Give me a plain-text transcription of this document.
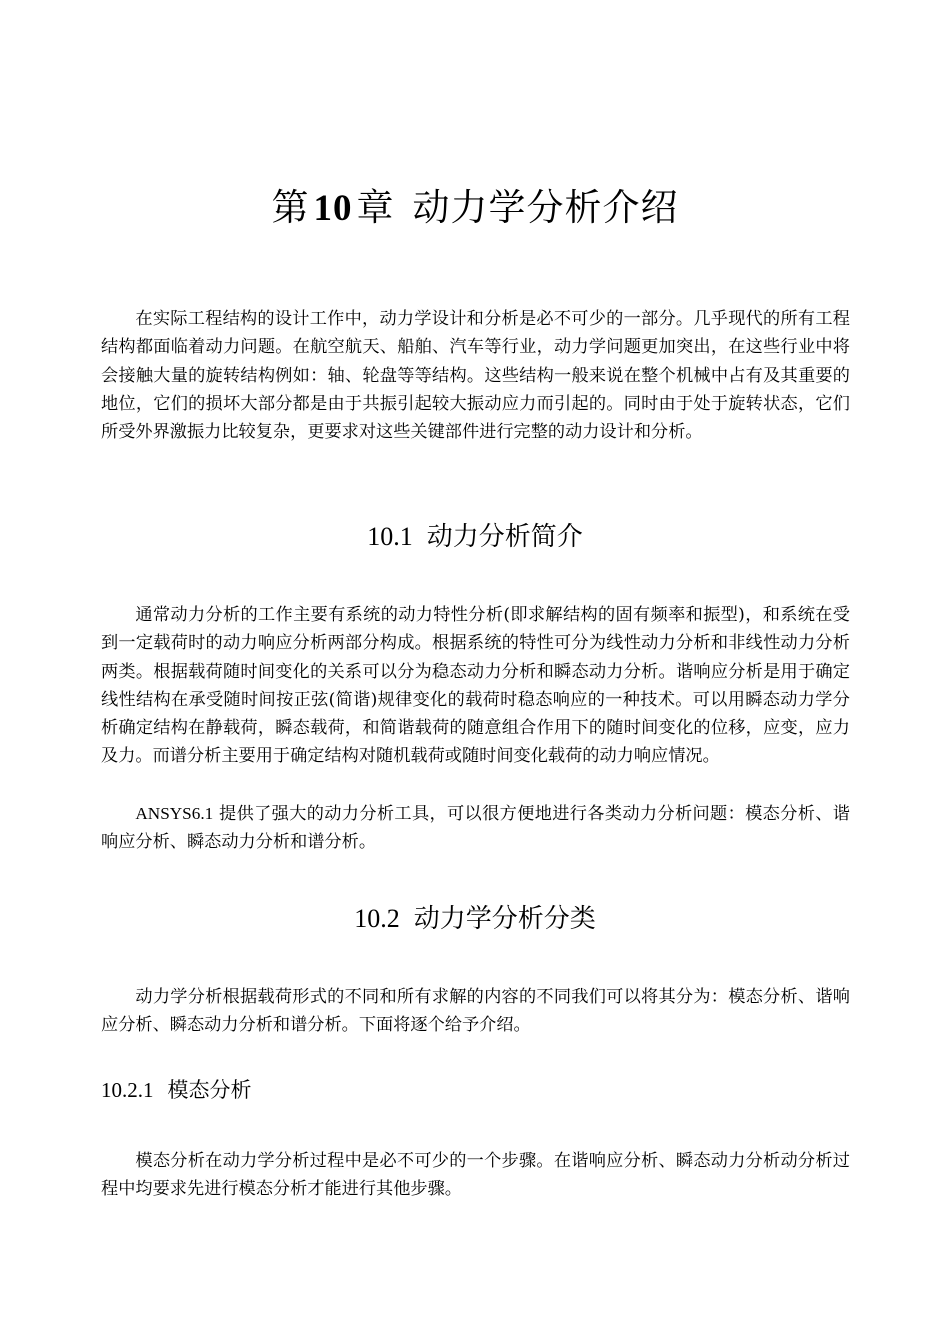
第 10 章 动力学分析介绍

在实际工程结构的设计工作中，动力学设计和分析是必不可少的一部分。几乎现代的所有工程结构都面临着动力问题。在航空航天、船舶、汽车等行业，动力学问题更加突出，在这些行业中将会接触大量的旋转结构例如：轴、轮盘等等结构。这些结构一般来说在整个机械中占有及其重要的地位，它们的损坏大部分都是由于共振引起较大振动应力而引起的。同时由于处于旋转状态，它们所受外界激振力比较复杂，更要求对这些关键部件进行完整的动力设计和分析。

10.1 动力分析简介

通常动力分析的工作主要有系统的动力特性分析(即求解结构的固有频率和振型)，和系统在受到一定载荷时的动力响应分析两部分构成。根据系统的特性可分为线性动力分析和非线性动力分析两类。根据载荷随时间变化的关系可以分为稳态动力分析和瞬态动力分析。谐响应分析是用于确定线性结构在承受随时间按正弦(简谐)规律变化的载荷时稳态响应的一种技术。可以用瞬态动力学分析确定结构在静载荷，瞬态载荷，和简谐载荷的随意组合作用下的随时间变化的位移，应变，应力及力。而谱分析主要用于确定结构对随机载荷或随时间变化载荷的动力响应情况。

ANSYS6.1 提供了强大的动力分析工具，可以很方便地进行各类动力分析问题：模态分析、谐响应分析、瞬态动力分析和谱分析。

10.2 动力学分析分类

动力学分析根据载荷形式的不同和所有求解的内容的不同我们可以将其分为：模态分析、谐响应分析、瞬态动力分析和谱分析。下面将逐个给予介绍。

10.2.1 模态分析

模态分析在动力学分析过程中是必不可少的一个步骤。在谐响应分析、瞬态动力分析动分析过程中均要求先进行模态分析才能进行其他步骤。
